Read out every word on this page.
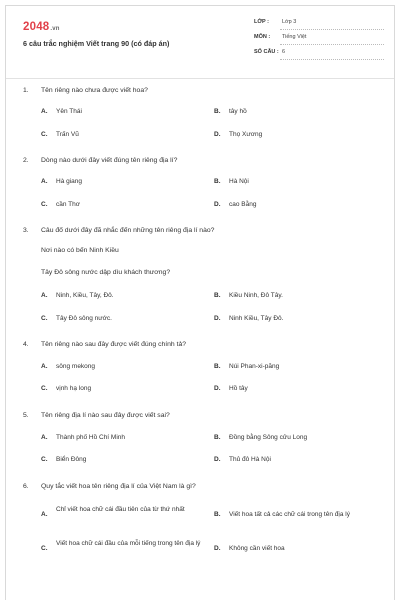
2048.vn
6 câu trắc nghiệm Viết trang 90 (có đáp án)
LỚP : Lớp 3
MÔN : Tiếng Việt
SỐ CÂU : 6
1. Tên riêng nào chưa được viết hoa?
A. Yên Thái	B. tây hồ
C. Trấn Vũ	D. Thọ Xương
2. Dòng nào dưới đây viết đúng tên riêng địa lí?
A. Hà giang	B. Hà Nội
C. cần Thơ	D. cao Bằng
3. Câu đố dưới đây đã nhắc đến những tên riêng địa lí nào?
Nơi nào có bến Ninh Kiều
Tây Đô sông nước dập dìu khách thương?
A. Ninh, Kiều, Tây, Đô.	B. Kiều Ninh, Đô Tây.
C. Tây Đô sông nước.	D. Ninh Kiều, Tây Đô.
4. Tên riêng nào sau đây được viết đúng chính tả?
A. sông mekong	B. Núi Phan-xi-păng
C. vịnh hạ long	D. Hồ tây
5. Tên riêng địa lí nào sau đây được viết sai?
A. Thành phố Hồ Chí Minh	B. Đồng bằng Sông cửu Long
C. Biển Đông	D. Thủ đô Hà Nội
6. Quy tắc viết hoa tên riêng địa lí của Việt Nam là gì?
A.
Chỉ viết hoa chữ cái đầu tiên của từ thứ nhất
B. Viết hoa tất cả các chữ cái trong tên địa lý
C.
Viết hoa chữ cái đầu của mỗi tiếng trong tên địa lý
D. Không cần viết hoa
